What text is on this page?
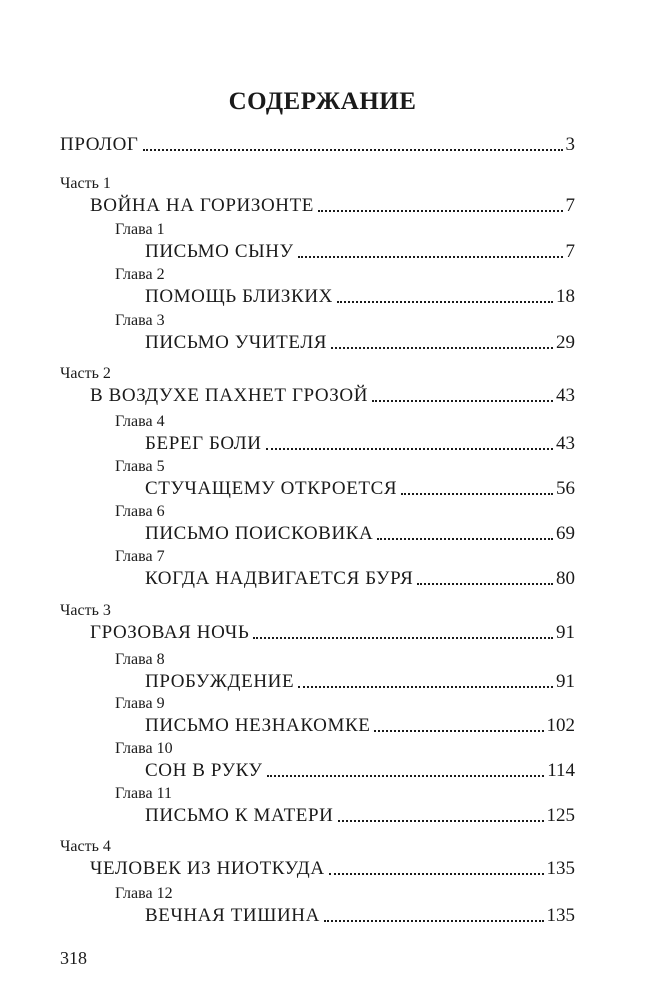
СОДЕРЖАНИЕ
ПРОЛОГ	3
Часть 1
ВОЙНА НА ГОРИЗОНТЕ	7
Глава 1
ПИСЬМО СЫНУ	7
Глава 2
ПОМОЩЬ БЛИЗКИХ	18
Глава 3
ПИСЬМО УЧИТЕЛЯ	29
Часть 2
В ВОЗДУХЕ ПАХНЕТ ГРОЗОЙ	43
Глава 4
БЕРЕГ БОЛИ	43
Глава 5
СТУЧАЩЕМУ ОТКРОЕТСЯ	56
Глава 6
ПИСЬМО ПОИСКОВИКА	69
Глава 7
КОГДА НАДВИГАЕТСЯ БУРЯ	80
Часть 3
ГРОЗОВАЯ НОЧЬ	91
Глава 8
ПРОБУЖДЕНИЕ	91
Глава 9
ПИСЬМО НЕЗНАКОМКЕ	102
Глава 10
СОН В РУКУ	114
Глава 11
ПИСЬМО К МАТЕРИ	125
Часть 4
ЧЕЛОВЕК ИЗ НИОТКУДА	135
Глава 12
ВЕЧНАЯ ТИШИНА	135
318
